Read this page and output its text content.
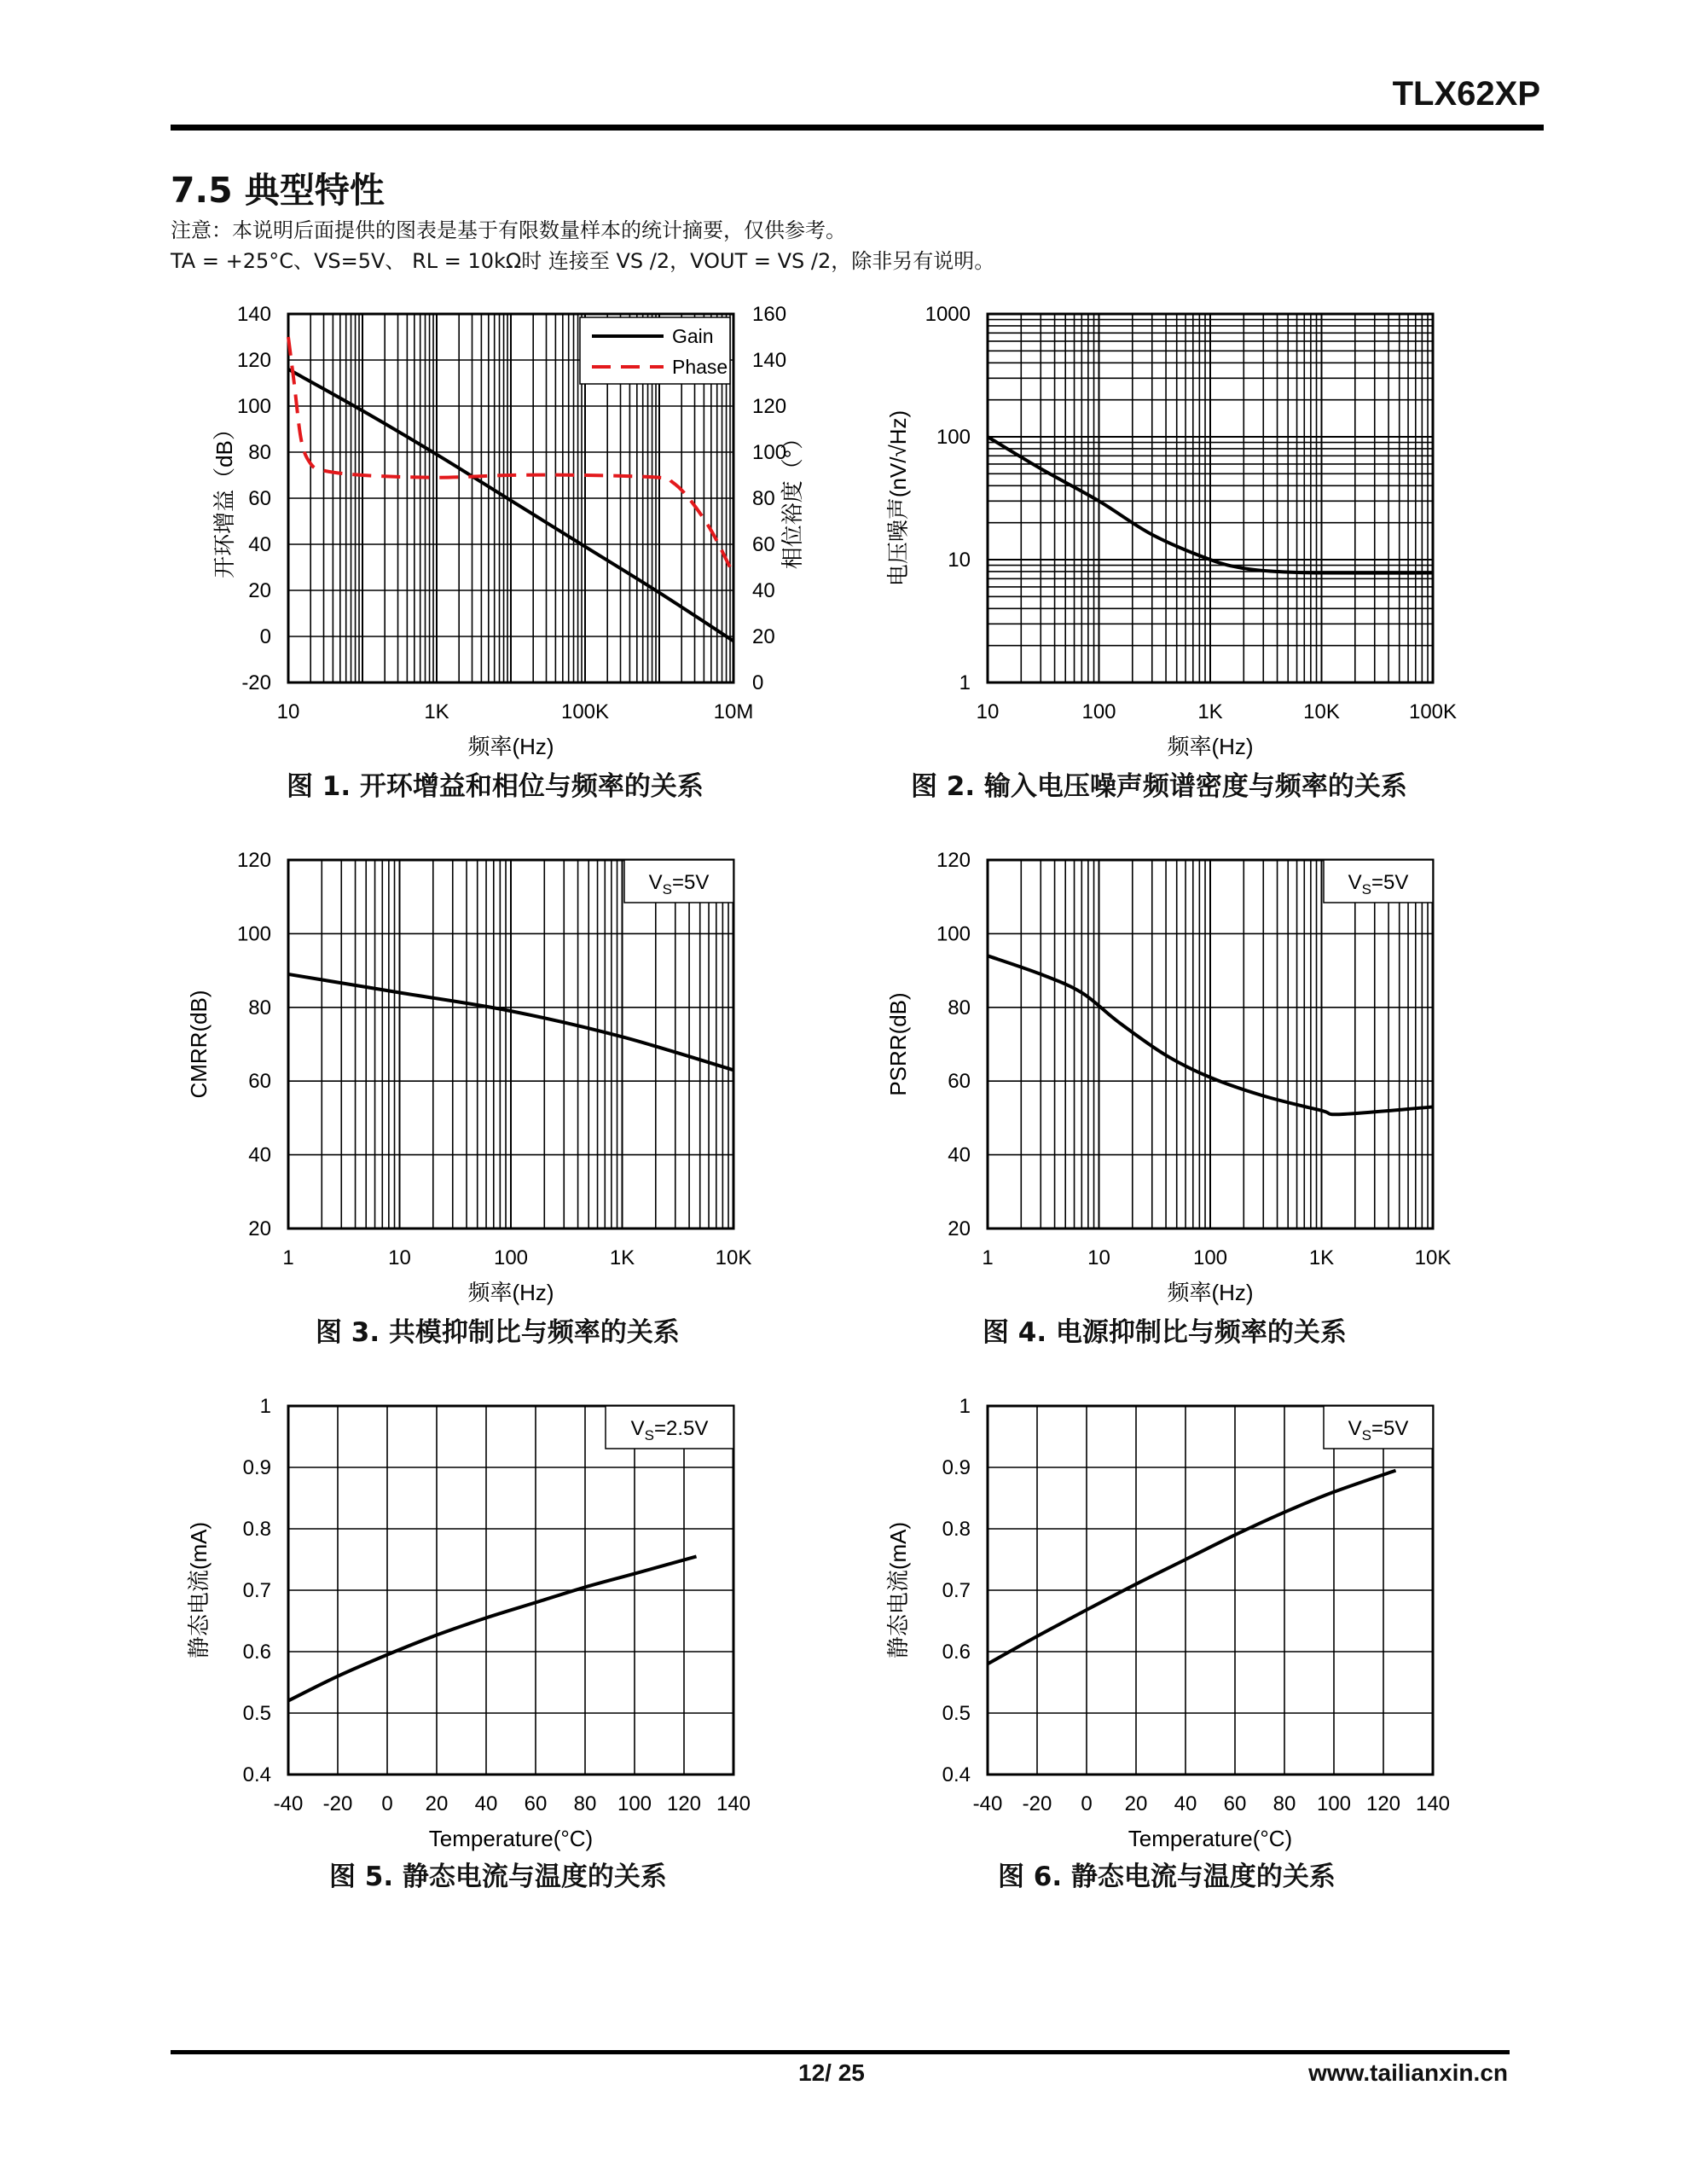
TLX62XP
7.5 典型特性
注意：本说明后面提供的图表是基于有限数量样本的统计摘要，仅供参考。
TA = +25°C、VS=5V、 RL = 10kΩ时 连接至 VS /2，VOUT = VS /2，除非另有说明。
140
120
100
80
60
40
20
0
-20
160
140
120
100
80
60
40
20
0
10	1K	100K	10M
频率(Hz)
开环增益（dB）	相位裕度（°）
Gain
Phase
1000
100
10
1
10	100	1K	10K	100K
频率(Hz)
电压噪声(nV/√Hz)
120
100
80
60
40
20
1	10	100	1K	10K
频率(Hz)
CMRR(dB)
$V_S=5V$
120
100
80
60
40
20
1	10	100	1K	10K
频率(Hz)
PSRR(dB)
$V_S=5V$
1
0.9
0.8
0.7
0.6
0.5
0.4
-40 -20 0 20 40 60 80 100 120 140
Temperature(°C)
静态电流(mA)
$V_S=2.5V$
1
0.9
0.8
0.7
0.6
0.5
0.4
-40 -20 0 20 40 60 80 100 120 140
Temperature(°C)
静态电流(mA)
$V_S=5V$
图 1. 开环增益和相位与频率的关系	图 2. 输入电压噪声频谱密度与频率的关系
图 3. 共模抑制比与频率的关系	图 4. 电源抑制比与频率的关系
图 5. 静态电流与温度的关系	图 6. 静态电流与温度的关系
12/ 25	www.tailianxin.cn
